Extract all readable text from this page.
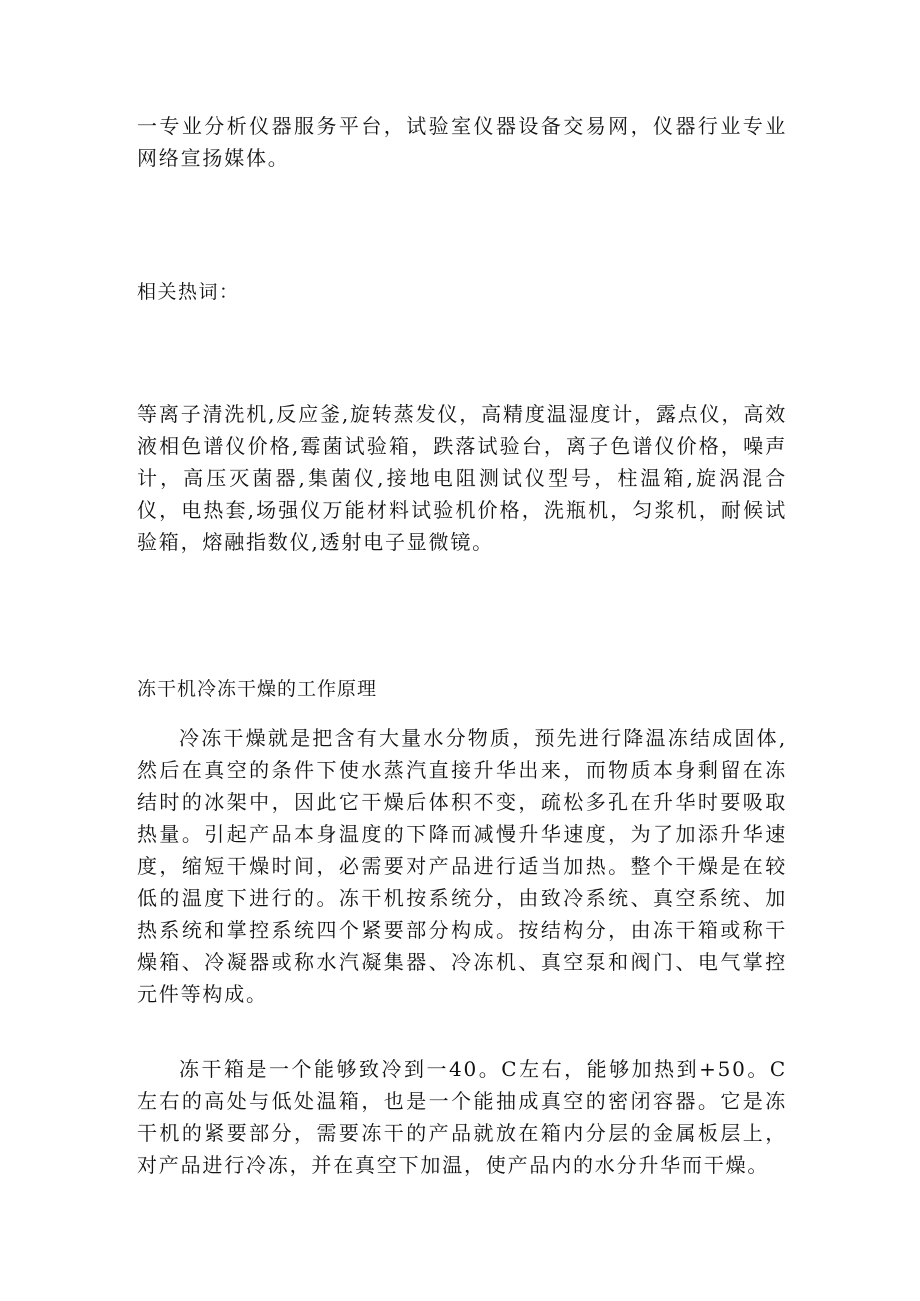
一专业分析仪器服务平台，试验室仪器设备交易网，仪器行业专业网络宣扬媒体。

相关热词：

等离子清洗机,反应釜,旋转蒸发仪，高精度温湿度计，露点仪，高效液相色谱仪价格,霉菌试验箱，跌落试验台，离子色谱仪价格，噪声计，高压灭菌器,集菌仪,接地电阻测试仪型号，柱温箱,旋涡混合仪，电热套,场强仪万能材料试验机价格，洗瓶机，匀浆机，耐候试验箱，熔融指数仪,透射电子显微镜。

冻干机冷冻干燥的工作原理

冷冻干燥就是把含有大量水分物质，预先进行降温冻结成固体,然后在真空的条件下使水蒸汽直接升华出来，而物质本身剩留在冻结时的冰架中，因此它干燥后体积不变，疏松多孔在升华时要吸取热量。引起产品本身温度的下降而减慢升华速度，为了加添升华速度，缩短干燥时间，必需要对产品进行适当加热。整个干燥是在较低的温度下进行的。冻干机按系统分，由致冷系统、真空系统、加热系统和掌控系统四个紧要部分构成。按结构分，由冻干箱或称干燥箱、冷凝器或称水汽凝集器、冷冻机、真空泵和阀门、电气掌控元件等构成。

冻干箱是一个能够致冷到一40。C左右，能够加热到+50。C左右的高处与低处温箱，也是一个能抽成真空的密闭容器。它是冻干机的紧要部分，需要冻干的产品就放在箱内分层的金属板层上，对产品进行冷冻，并在真空下加温，使产品内的水分升华而干燥。
